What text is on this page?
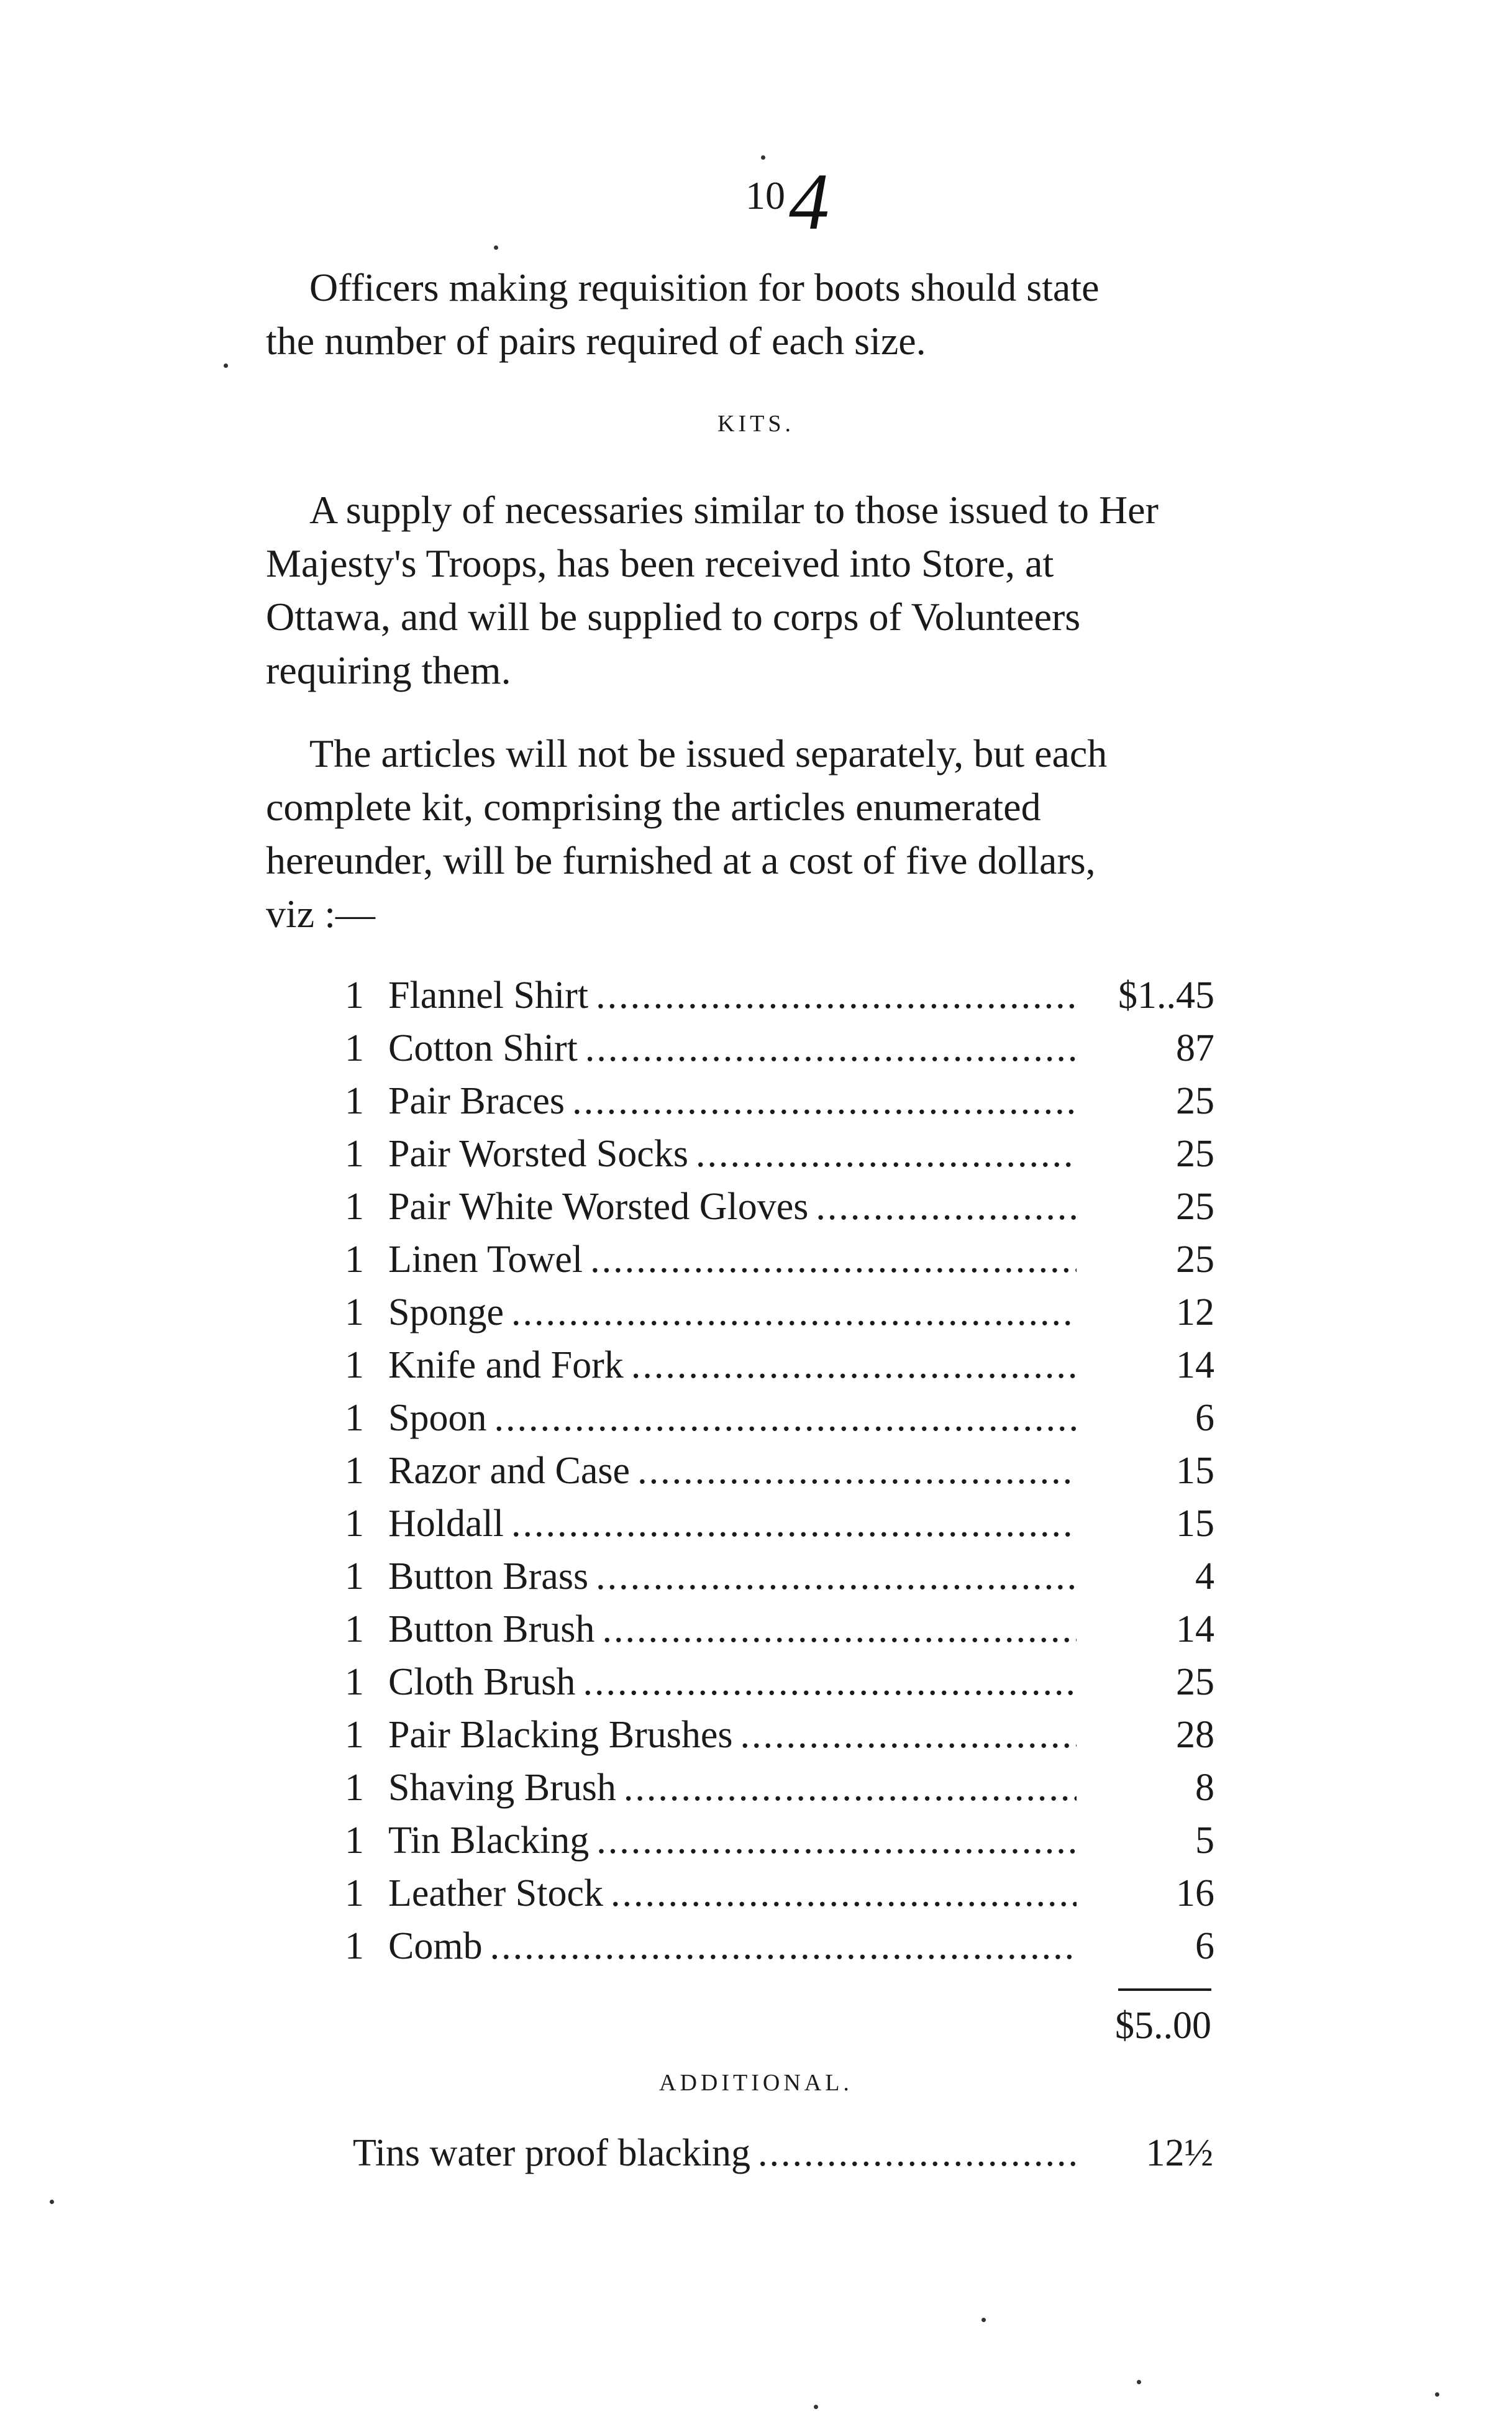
10 4

Officers making requisition for boots should state

the number of pairs required of each size.

KITS.

A supply of necessaries similar to those issued to Her

Majesty's Troops, has been received into Store, at

Ottawa, and will be supplied to corps of Volunteers

requiring them.

The articles will not be issued separately, but each

complete kit, comprising the articles enumerated

hereunder, will be furnished at a cost of five dollars,

viz :—

1 Flannel Shirt .....	$1..45
1 Cotton Shirt .....	87
1 Pair Braces .....	25
1 Pair Worsted Socks .....	25
1 Pair White Worsted Gloves .....	25
1 Linen Towel .....	25
1 Sponge .....	12
1 Knife and Fork .....	14
1 Spoon .....	6
1 Razor and Case .....	15
1 Holdall .....	15
1 Button Brass .....	4
1 Button Brush .....	14
1 Cloth Brush .....	25
1 Pair Blacking Brushes .....	28
1 Shaving Brush .....	8
1 Tin Blacking .....	5
1 Leather Stock .....	16
1 Comb .....	6
$5..00
ADDITIONAL.
Tins water proof blacking .....	12½
